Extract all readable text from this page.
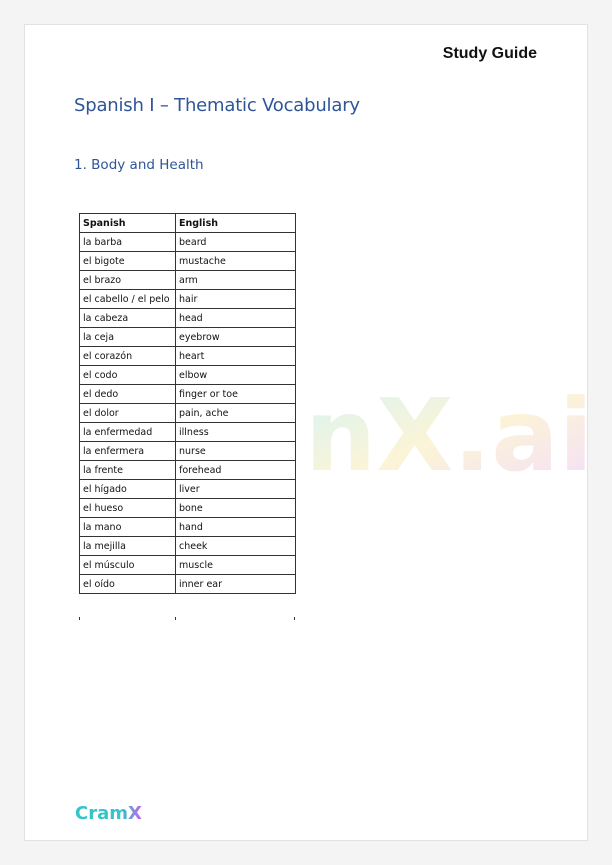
Study Guide
Spanish I – Thematic Vocabulary
1. Body and Health
nX.ai
Spanish	English
la barba	beard
el bigote	mustache
el brazo	arm
el cabello / el pelo	hair
la cabeza	head
la ceja	eyebrow
el corazón	heart
el codo	elbow
el dedo	finger or toe
el dolor	pain, ache
la enfermedad	illness
la enfermera	nurse
la frente	forehead
el hígado	liver
el hueso	bone
la mano	hand
la mejilla	cheek
el músculo	muscle
el oído	inner ear
CramX
